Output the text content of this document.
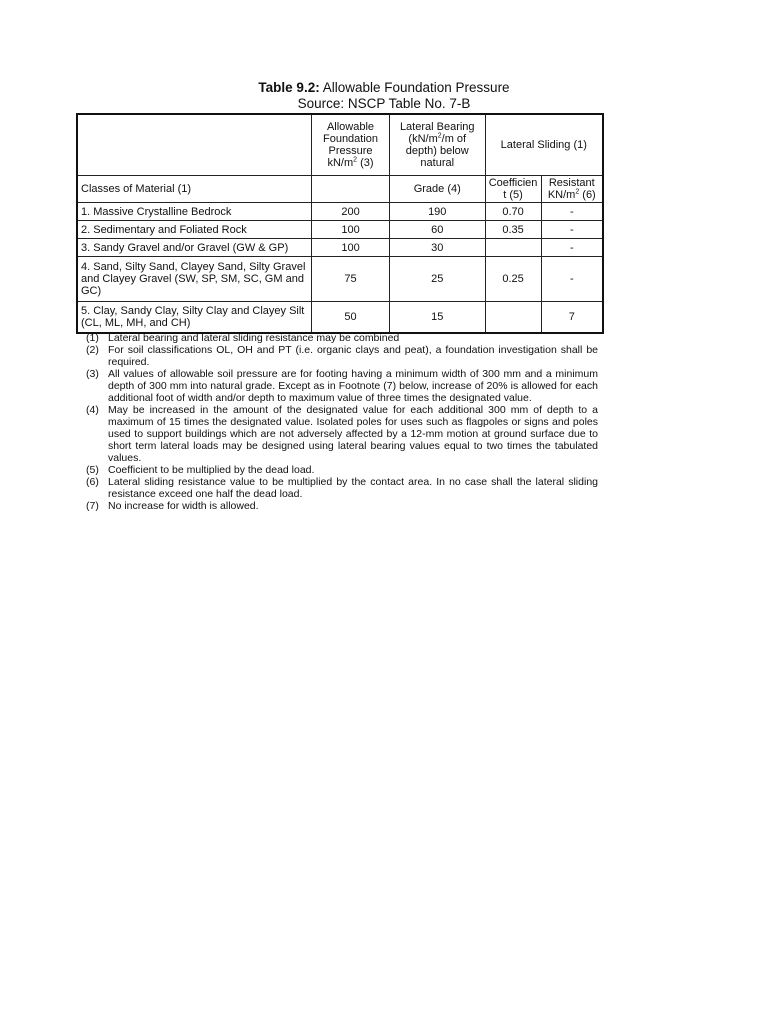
Table 9.2: Allowable Foundation Pressure
Source: NSCP Table No. 7-B
	Allowable
Foundation
Pressure
$kN/m^2$ (3)	Lateral Bearing
($kN/m^2/m$ of
depth) below
natural	Lateral Sliding (1)	
Classes of Material (1)		Grade (4)	Coefficien
t (5)	Resistant
$KN/m^2$ (6)
1. Massive Crystalline Bedrock	200	190	0.70	-
2. Sedimentary and Foliated Rock	100	60	0.35	-
3. Sandy Gravel and/or Gravel (GW & GP)	100	30		-
4. Sand, Silty Sand, Clayey Sand, Silty Gravel and Clayey Gravel (SW, SP, SM, SC, GM and GC)	75	25	0.25	-
5. Clay, Sandy Clay, Silty Clay and Clayey Silt (CL, ML, MH, and CH)	50	15		7
(1) Lateral bearing and lateral sliding resistance may be combined
(2) For soil classifications OL, OH and PT (i.e. organic clays and peat), a foundation investigation shall be required.
(3) All values of allowable soil pressure are for footing having a minimum width of 300 mm and a minimum depth of 300 mm into natural grade. Except as in Footnote (7) below, increase of 20% is allowed for each additional foot of width and/or depth to maximum value of three times the designated value.
(4) May be increased in the amount of the designated value for each additional 300 mm of depth to a maximum of 15 times the designated value. Isolated poles for uses such as flagpoles or signs and poles used to support buildings which are not adversely affected by a 12-mm motion at ground surface due to short term lateral loads may be designed using lateral bearing values equal to two times the tabulated values.
(5) Coefficient to be multiplied by the dead load.
(6) Lateral sliding resistance value to be multiplied by the contact area. In no case shall the lateral sliding resistance exceed one half the dead load.
(7) No increase for width is allowed.
